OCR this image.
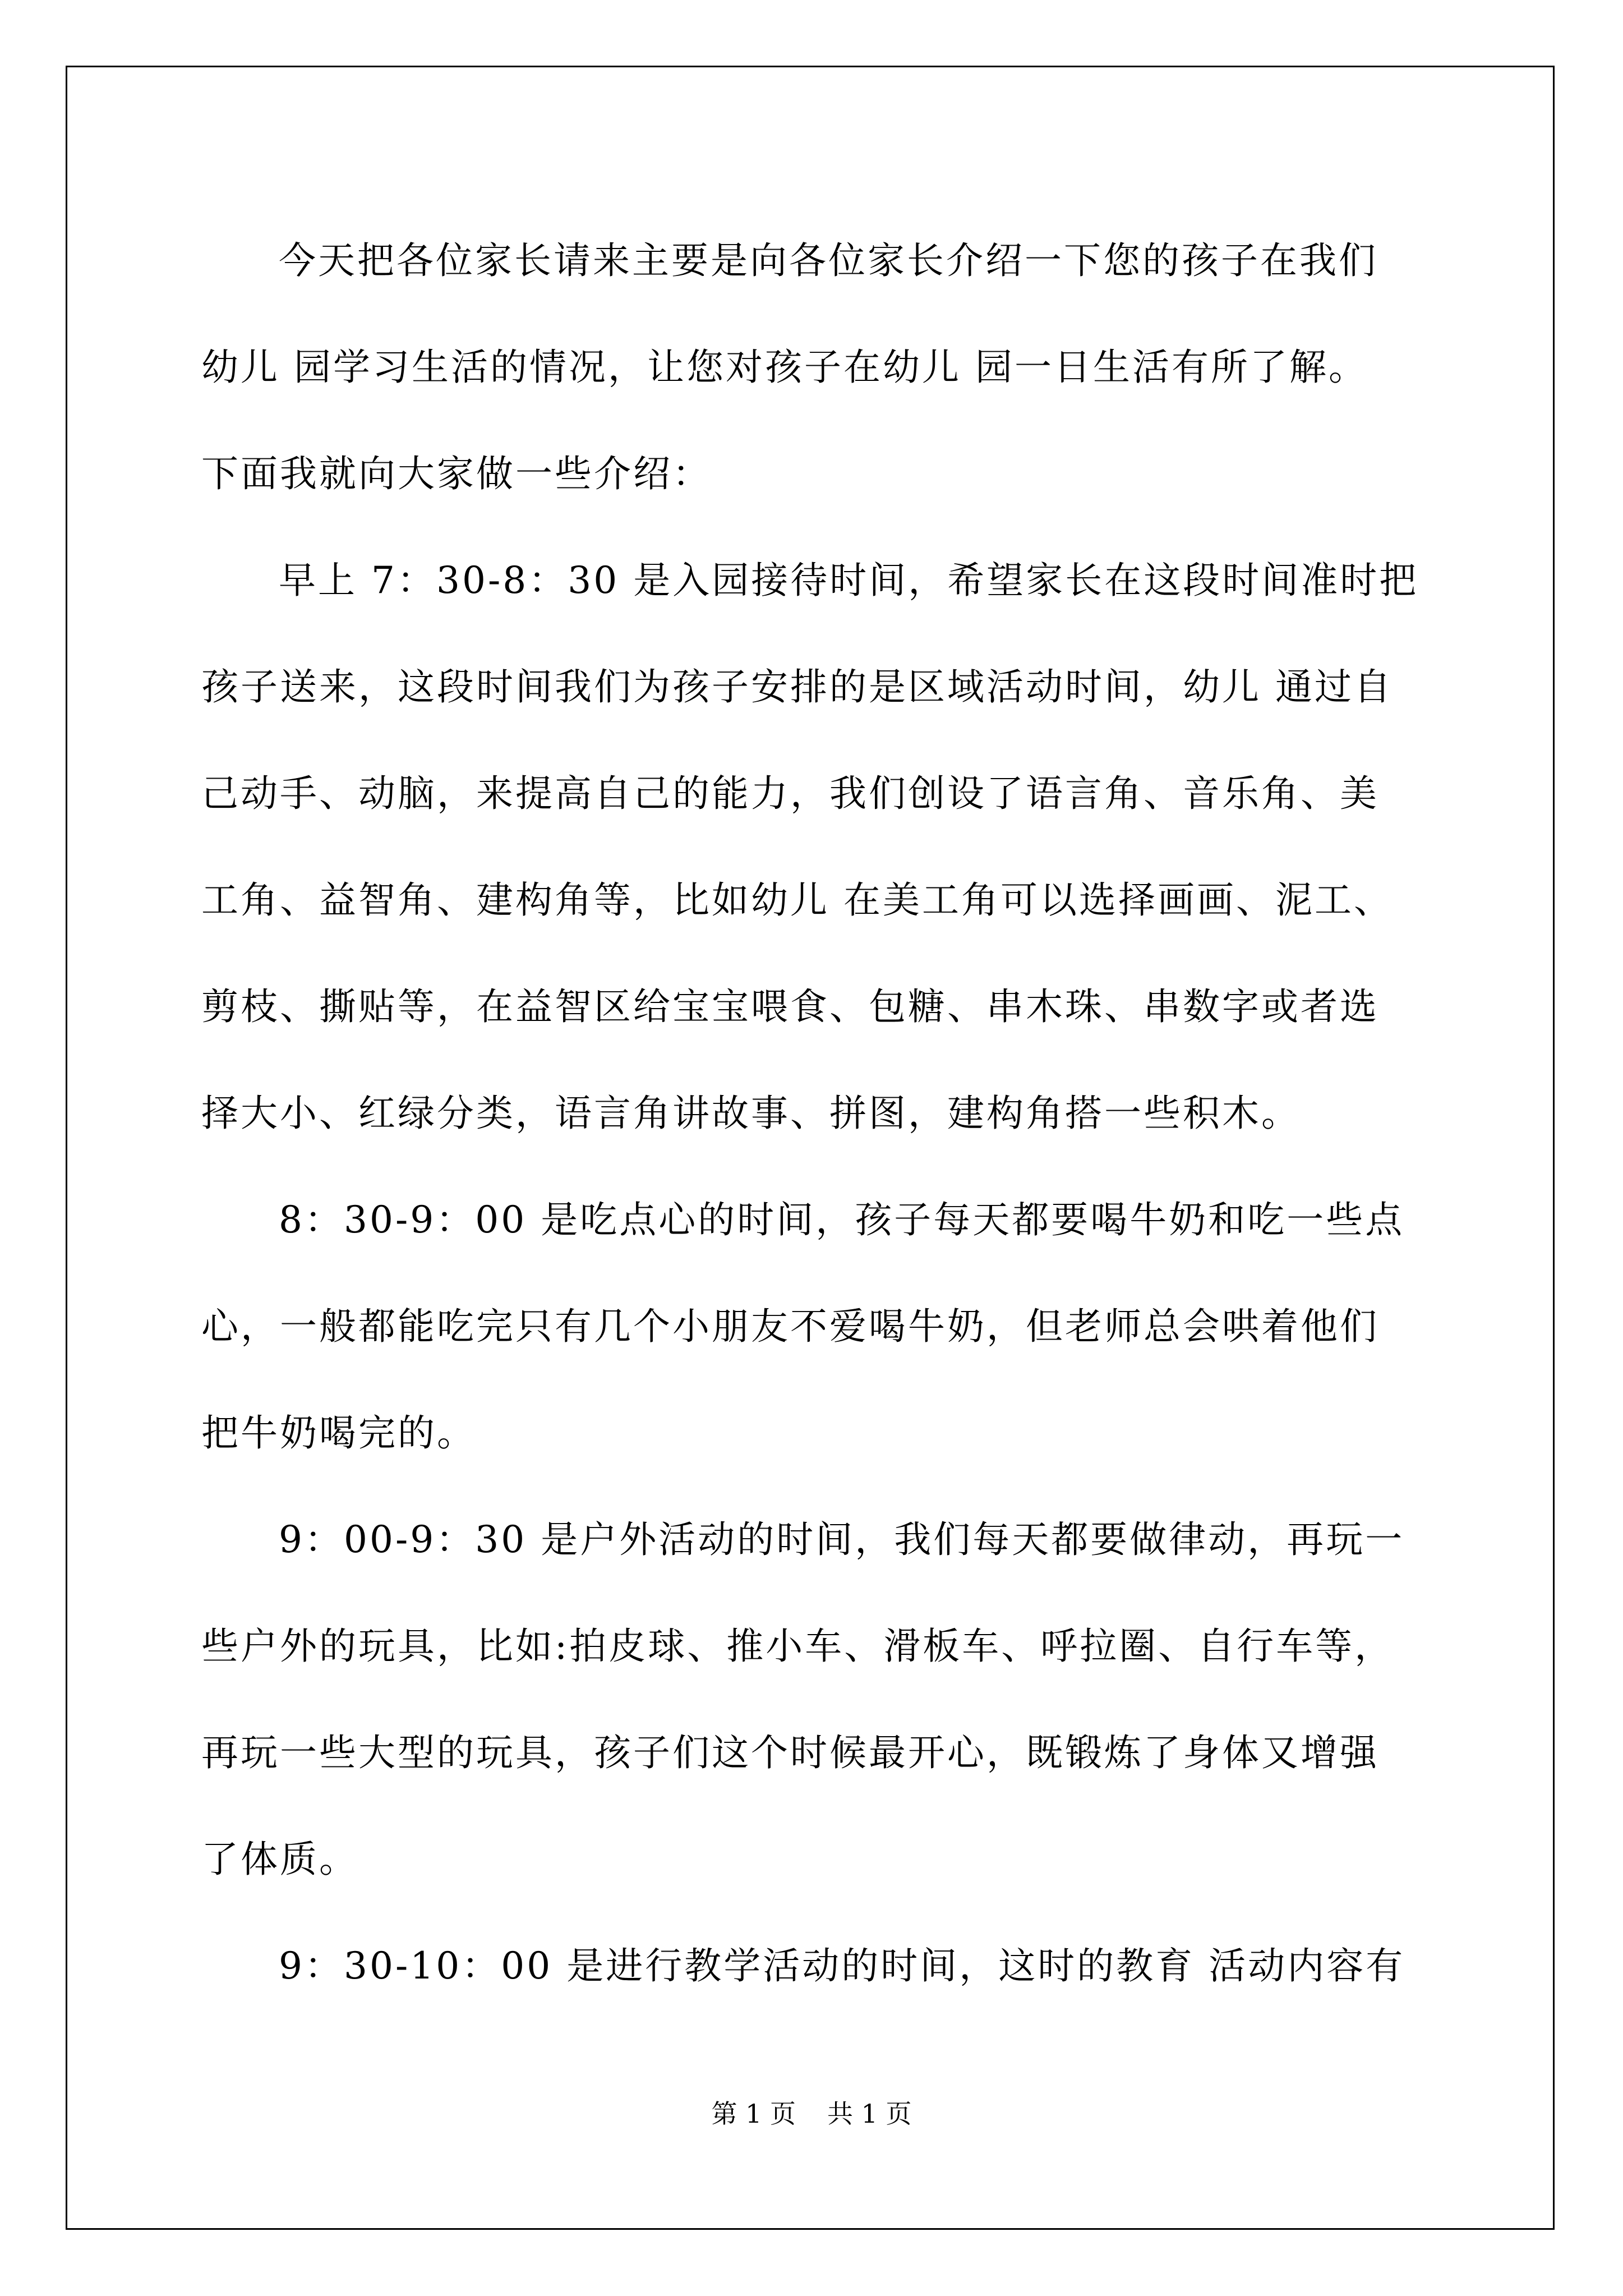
今天把各位家长请来主要是向各位家长介绍一下您的孩子在我们
幼儿 园学习生活的情况，让您对孩子在幼儿 园一日生活有所了解。
下面我就向大家做一些介绍：
早上 7：30-8：30 是入园接待时间，希望家长在这段时间准时把
孩子送来，这段时间我们为孩子安排的是区域活动时间，幼儿 通过自
己动手、动脑，来提高自己的能力，我们创设了语言角、音乐角、美
工角、益智角、建构角等，比如幼儿 在美工角可以选择画画、泥工、
剪枝、撕贴等，在益智区给宝宝喂食、包糖、串木珠、串数字或者选
择大小、红绿分类，语言角讲故事、拼图，建构角搭一些积木。
8：30-9：00 是吃点心的时间，孩子每天都要喝牛奶和吃一些点
心，一般都能吃完只有几个小朋友不爱喝牛奶，但老师总会哄着他们
把牛奶喝完的。
9：00-9：30 是户外活动的时间，我们每天都要做律动，再玩一
些户外的玩具，比如:拍皮球、推小车、滑板车、呼拉圈、自行车等，
再玩一些大型的玩具，孩子们这个时候最开心，既锻炼了身体又增强
了体质。
9：30-10：00 是进行教学活动的时间，这时的教育 活动内容有
第 1 页 共 1 页
